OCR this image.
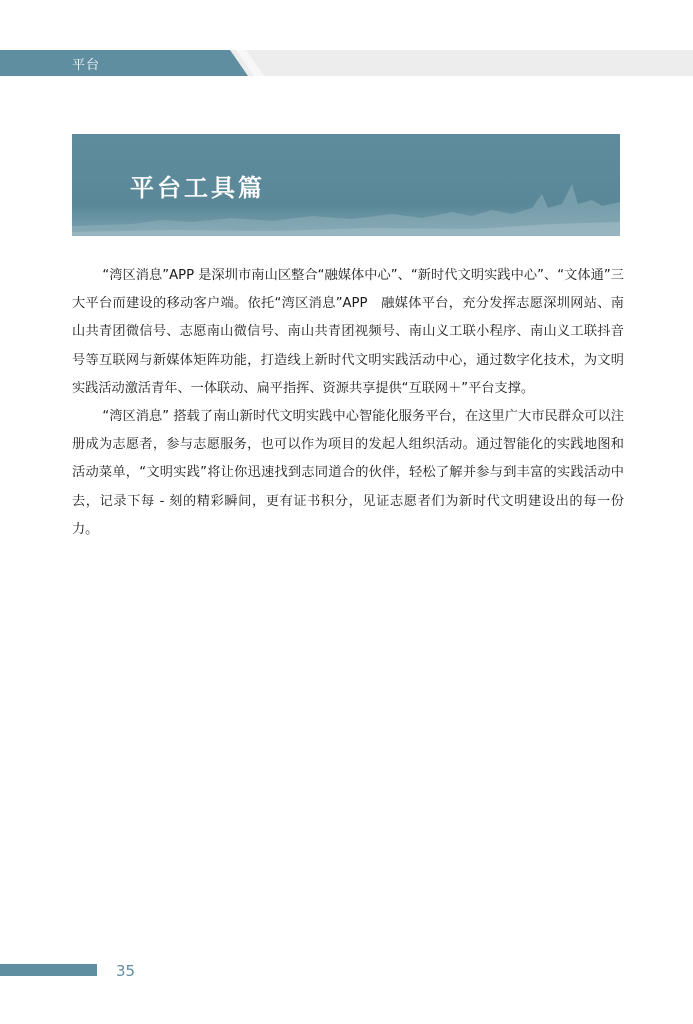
平台
平台工具篇

“湾区消息”APP 是深圳市南山区整合“融媒体中心”、“新时代文明实践中心”、“文体通”三大平台而建设的移动客户端。依托“湾区消息”APP　融媒体平台，充分发挥志愿深圳网站、南山共青团微信号、志愿南山微信号、南山共青团视频号、南山义工联小程序、南山义工联抖音号等互联网与新媒体矩阵功能，打造线上新时代文明实践活动中心，通过数字化技术，为文明实践活动激活青年、一体联动、扁平指挥、资源共享提供“互联网＋”平台支撑。

“湾区消息” 搭载了南山新时代文明实践中心智能化服务平台，在这里广大市民群众可以注册成为志愿者，参与志愿服务，也可以作为项目的发起人组织活动。通过智能化的实践地图和活动菜单，“文明实践”将让你迅速找到志同道合的伙伴，轻松了解并参与到丰富的实践活动中去，记录下每 - 刻的精彩瞬间，更有证书积分，见证志愿者们为新时代文明建设出的每一份力。

35
